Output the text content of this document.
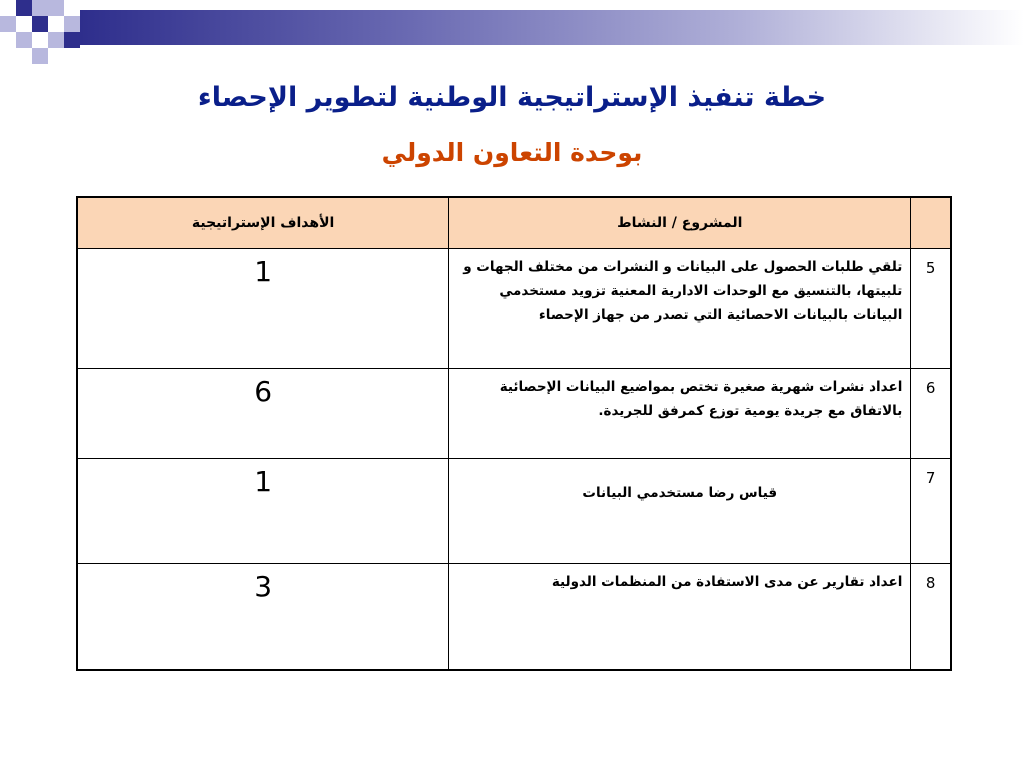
خطة تنفيذ الإستراتيجية الوطنية لتطوير الإحصاء
بوحدة التعاون الدولي
	المشروع / النشاط	الأهداف الإستراتيجية
5	تلقي طلبات الحصول على البيانات و النشرات من مختلف الجهات و تلبيتها، بالتنسيق مع الوحدات الادارية المعنية تزويد مستخدمي البيانات بالبيانات الاحصائية التي تصدر من جهاز الإحصاء	1
6	اعداد نشرات شهرية صغيرة تختص بمواضيع البيانات الإحصائية بالاتفاق مع جريدة يومية توزع كمرفق للجريدة.	6
7	قياس رضا مستخدمي البيانات	1
8	اعداد تقارير عن مدى الاستفادة من المنظمات الدولية	3
